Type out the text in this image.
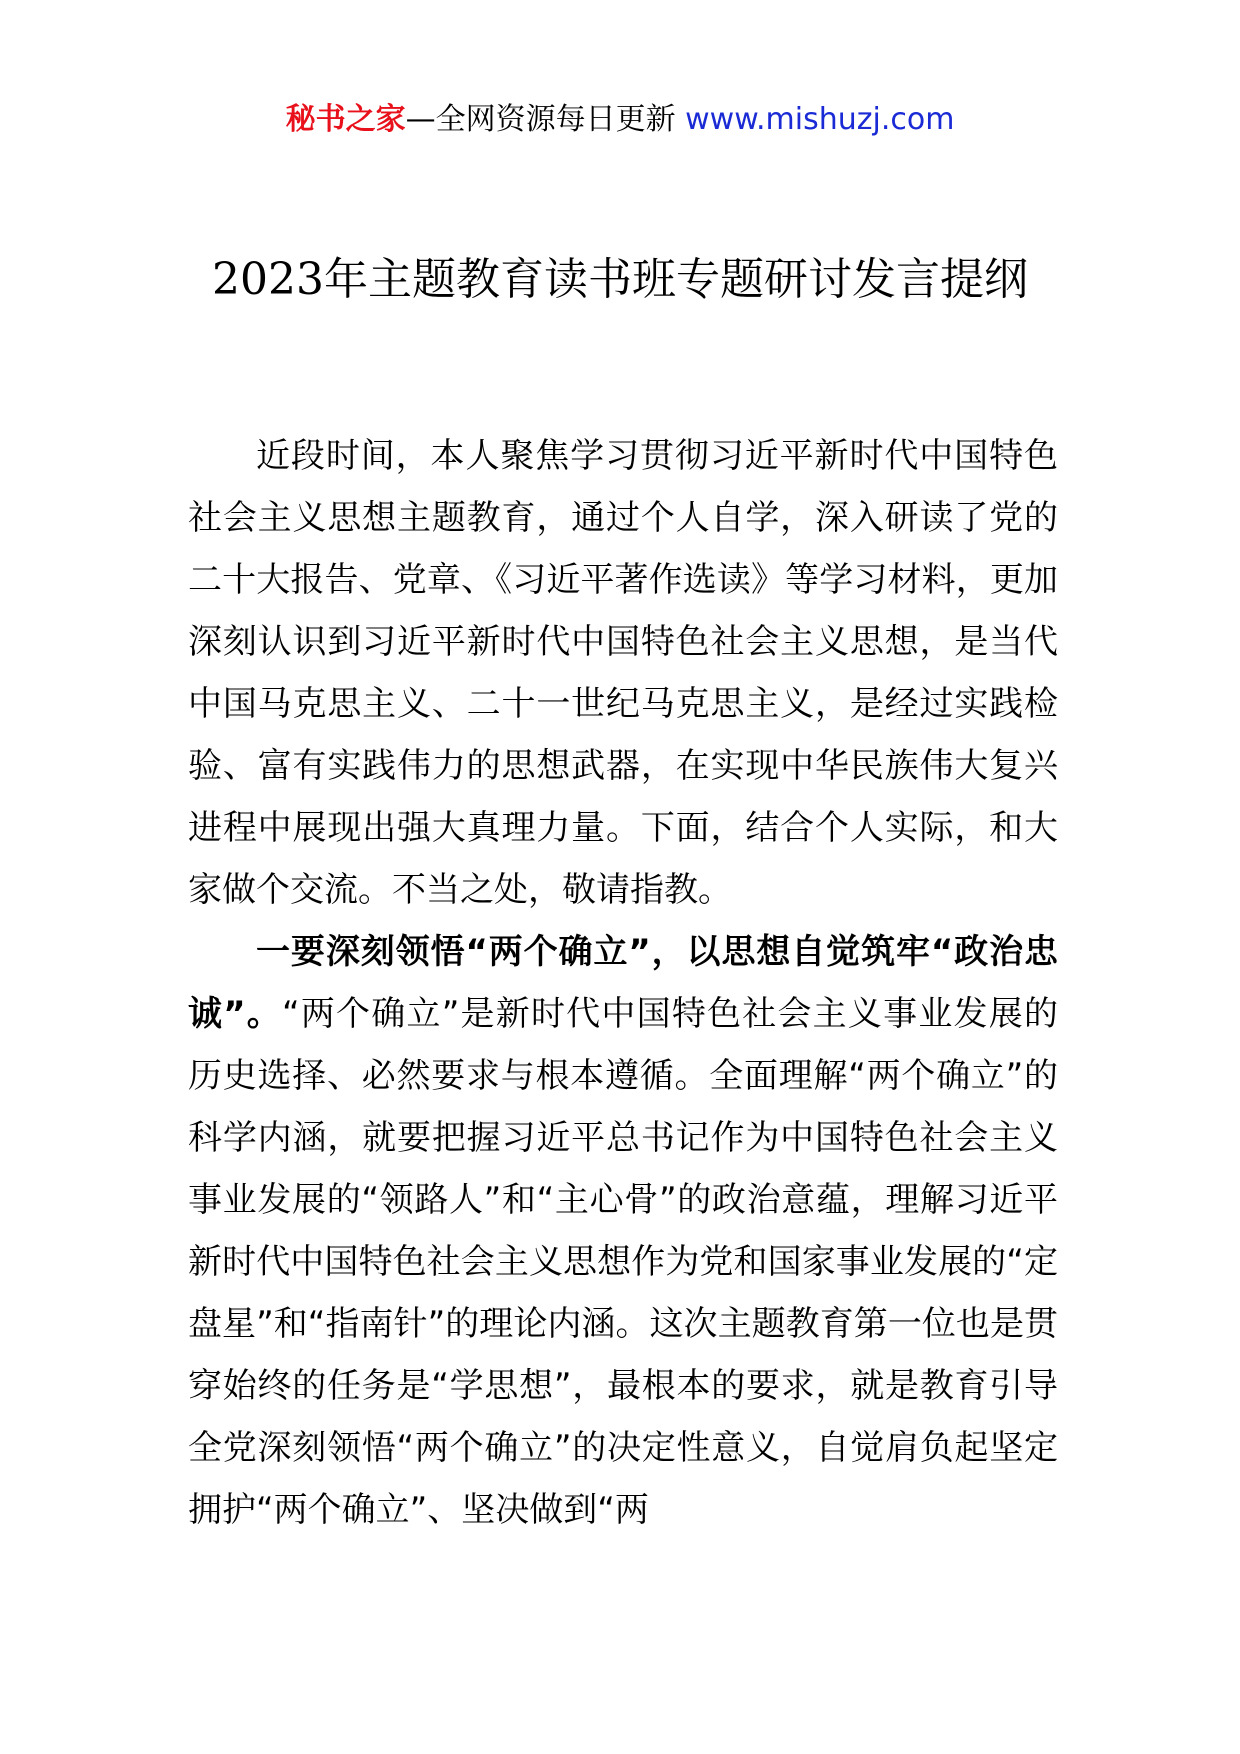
秘书之家—全网资源每日更新 www.mishuzj.com
2023年主题教育读书班专题研讨发言提纲

近段时间，本人聚焦学习贯彻习近平新时代中国特色社会主义思想主题教育，通过个人自学，深入研读了党的二十大报告、党章、《习近平著作选读》等学习材料，更加深刻认识到习近平新时代中国特色社会主义思想，是当代中国马克思主义、二十一世纪马克思主义，是经过实践检验、富有实践伟力的思想武器，在实现中华民族伟大复兴进程中展现出强大真理力量。下面，结合个人实际，和大家做个交流。不当之处，敬请指教。

一要深刻领悟“两个确立”，以思想自觉筑牢“政治忠诚”。“两个确立”是新时代中国特色社会主义事业发展的历史选择、必然要求与根本遵循。全面理解“两个确立”的科学内涵，就要把握习近平总书记作为中国特色社会主义事业发展的“领路人”和“主心骨”的政治意蕴，理解习近平新时代中国特色社会主义思想作为党和国家事业发展的“定盘星”和“指南针”的理论内涵。这次主题教育第一位也是贯穿始终的任务是“学思想”，最根本的要求，就是教育引导全党深刻领悟“两个确立”的决定性意义，自觉肩负起坚定拥护“两个确立”、坚决做到“两
